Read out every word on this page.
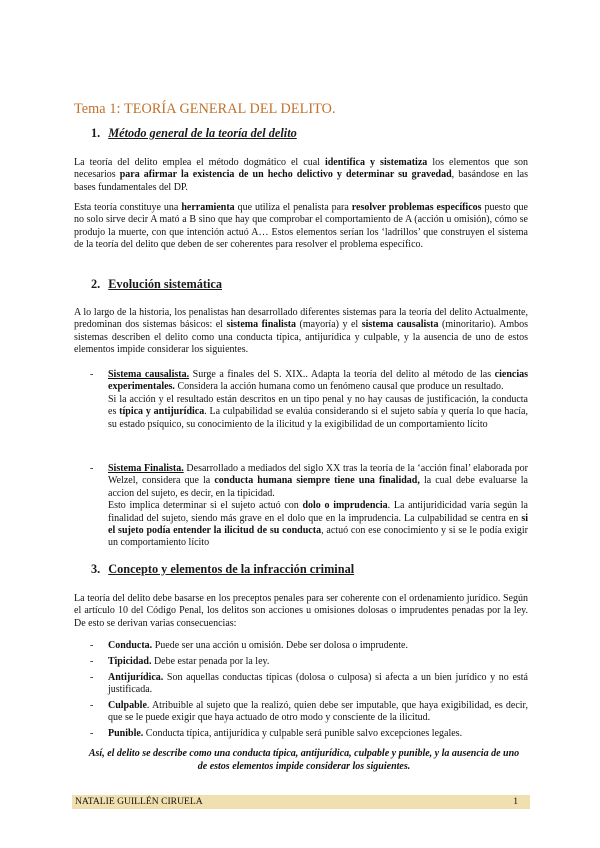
Tema 1: TEORÍA GENERAL DEL DELITO.
1. Método general de la teoría del delito
La teoría del delito emplea el método dogmático el cual identifica y sistematiza los elementos que son necesarios para afirmar la existencia de un hecho delictivo y determinar su gravedad, basándose en las bases fundamentales del DP.
Esta teoría constituye una herramienta que utiliza el penalista para resolver problemas específicos puesto que no solo sirve decir A mató a B sino que hay que comprobar el comportamiento de A (acción u omisión), cómo se produjo la muerte, con que intención actuó A… Estos elementos serían los ‘ladrillos’ que construyen el sistema de la teoría del delito que deben de ser coherentes para resolver el problema específico.
2. Evolución sistemática
A lo largo de la historia, los penalistas han desarrollado diferentes sistemas para la teoría del delito Actualmente, predominan dos sistemas básicos: el sistema finalista (mayoría) y el sistema causalista (minoritario). Ambos sistemas describen el delito como una conducta típica, antijurídica y culpable, y la ausencia de uno de estos elementos impide considerar los siguientes.
- Sistema causalista. Surge a finales del S. XIX.. Adapta la teoría del delito al método de las ciencias experimentales. Considera la acción humana como un fenómeno causal que produce un resultado.
Si la acción y el resultado están descritos en un tipo penal y no hay causas de justificación, la conducta es típica y antijurídica. La culpabilidad se evalúa considerando si el sujeto sabía y quería lo que hacía, su estado psíquico, su conocimiento de la ilicitud y la exigibilidad de un comportamiento lícito
- Sistema Finalista. Desarrollado a mediados del siglo XX tras la teoría de la ‘acción final’ elaborada por Welzel, considera que la conducta humana siempre tiene una finalidad, la cual debe evaluarse la accion del sujeto, es decir, en la tipicidad.
Esto implica determinar si el sujeto actuó con dolo o imprudencia. La antijuridicidad varía según la finalidad del sujeto, siendo más grave en el dolo que en la imprudencia. La culpabilidad se centra en si el sujeto podía entender la ilicitud de su conducta, actuó con ese conocimiento y si se le podía exigir un comportamiento lícito
3. Concepto y elementos de la infracción criminal
La teoría del delito debe basarse en los preceptos penales para ser coherente con el ordenamiento jurídico. Según el artículo 10 del Código Penal, los delitos son acciones u omisiones dolosas o imprudentes penadas por la ley. De esto se derivan varias consecuencias:
- Conducta. Puede ser una acción u omisión. Debe ser dolosa o imprudente.
- Tipicidad. Debe estar penada por la ley.
- Antijurídica. Son aquellas conductas típicas (dolosa o culposa) si afecta a un bien jurídico y no está justificada.
- Culpable. Atribuible al sujeto que la realizó, quien debe ser imputable, que haya exigibilidad, es decir, que se le puede exigir que haya actuado de otro modo y consciente de la ilicitud.
- Punible. Conducta típica, antijurídica y culpable será punible salvo excepciones legales.
Así, el delito se describe como una conducta típica, antijurídica, culpable y punible, y la ausencia de uno de estos elementos impide considerar los siguientes.
NATALIE GUILLÉN CIRUELA	1
